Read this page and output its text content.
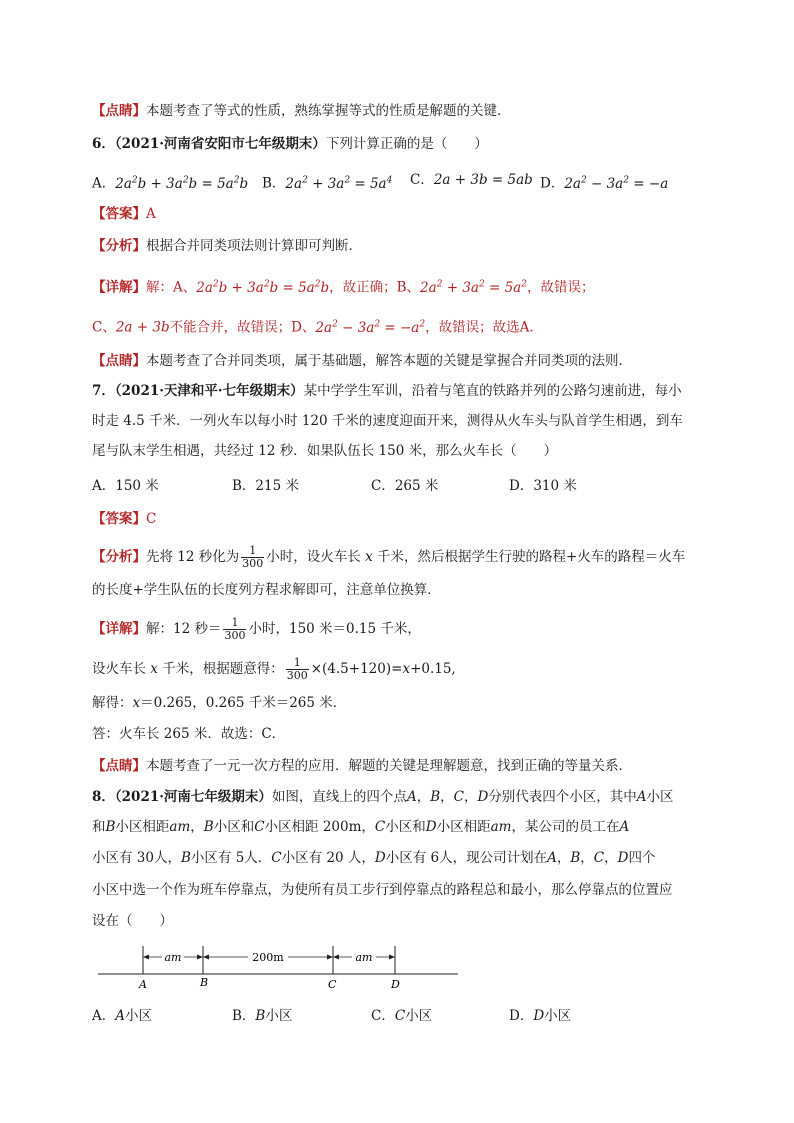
【点睛】本题考查了等式的性质，熟练掌握等式的性质是解题的关键．
6．（2021·河南省安阳市七年级期末）下列计算正确的是（　　）
A．$2a^2b + 3a^2b = 5a^2b$ B．$2a^2 + 3a^2 = 5a^4$ C．2a + 3b = 5ab D．$2a^2 - 3a^2 = -a$
【答案】A
【分析】根据合并同类项法则计算即可判断．
【详解】解：A、$2a^2b + 3a^2b = 5a^2b$，故正确；B、$2a^2 + 3a^2 = 5a^2$，故错误；
C、2a + 3b不能合并，故错误；D、$2a^2 - 3a^2 = -a^2$，故错误；故选A．
【点睛】本题考查了合并同类项，属于基础题，解答本题的关键是掌握合并同类项的法则．
7．（2021·天津和平·七年级期末）某中学学生军训，沿着与笔直的铁路并列的公路匀速前进，每小
时走 4.5 千米．一列火车以每小时 120 千米的速度迎面开来，测得从火车头与队首学生相遇，到车
尾与队末学生相遇，共经过 12 秒．如果队伍长 150 米，那么火车长（　　）
A．150 米	B．215 米	C．265 米	D．310 米
【答案】C
【分析】先将 12 秒化为 $\frac{1}{300}$ 小时，设火车长 x 千米，然后根据学生行驶的路程+火车的路程＝火车
的长度+学生队伍的长度列方程求解即可，注意单位换算．
【详解】解：12 秒＝ $\frac{1}{300}$ 小时，150 米＝0.15 千米，
设火车长 x 千米，根据题意得： $\frac{1}{300} \times(4.5+120)=x+0.15$,
解得：x＝0.265，0.265 千米＝265 米．
答：火车长 265 米．故选：C．
【点睛】本题考查了一元一次方程的应用．解题的关键是理解题意，找到正确的等量关系．
8．（2021·河南七年级期末）如图，直线上的四个点A，B，C，D分别代表四个小区，其中A小区
和B小区相距am，B小区和C小区相距 200m，C小区和D小区相距am，某公司的员工在A
小区有 30人，B小区有 5人．C小区有 20 人，D小区有 6人，现公司计划在A，B，C，D四个
小区中选一个作为班车停靠点，为使所有员工步行到停靠点的路程总和最小，那么停靠点的位置应
设在（　　）
am	200m	am
A	B	C	D
A．A小区	B．B小区	C．C小区	D．D小区
